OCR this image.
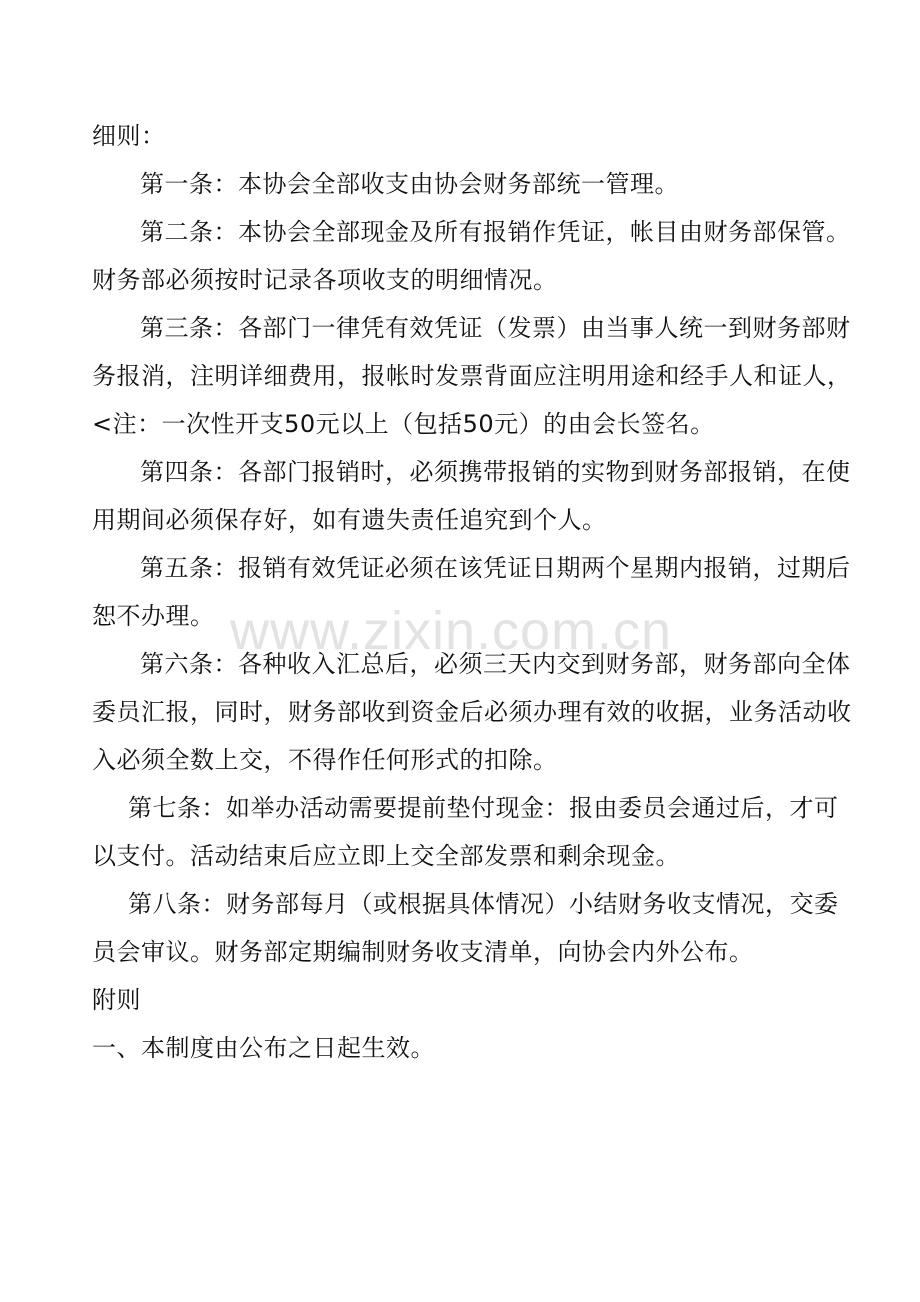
细则：
第一条：本协会全部收支由协会财务部统一管理。
第二条：本协会全部现金及所有报销作凭证，帐目由财务部保管。
财务部必须按时记录各项收支的明细情况。
第三条：各部门一律凭有效凭证（发票）由当事人统一到财务部财
务报消，注明详细费用，报帐时发票背面应注明用途和经手人和证人，
<注：一次性开支50元以上（包括50元）的由会长签名。
第四条：各部门报销时，必须携带报销的实物到财务部报销，在使
用期间必须保存好，如有遗失责任追究到个人。
第五条：报销有效凭证必须在该凭证日期两个星期内报销，过期后
恕不办理。
第六条：各种收入汇总后，必须三天内交到财务部，财务部向全体
委员汇报，同时，财务部收到资金后必须办理有效的收据，业务活动收
入必须全数上交，不得作任何形式的扣除。
第七条：如举办活动需要提前垫付现金：报由委员会通过后，才可
以支付。活动结束后应立即上交全部发票和剩余现金。
第八条：财务部每月（或根据具体情况）小结财务收支情况，交委
员会审议。财务部定期编制财务收支清单，向协会内外公布。
附则
一、本制度由公布之日起生效。
www.zixin.com.cn
